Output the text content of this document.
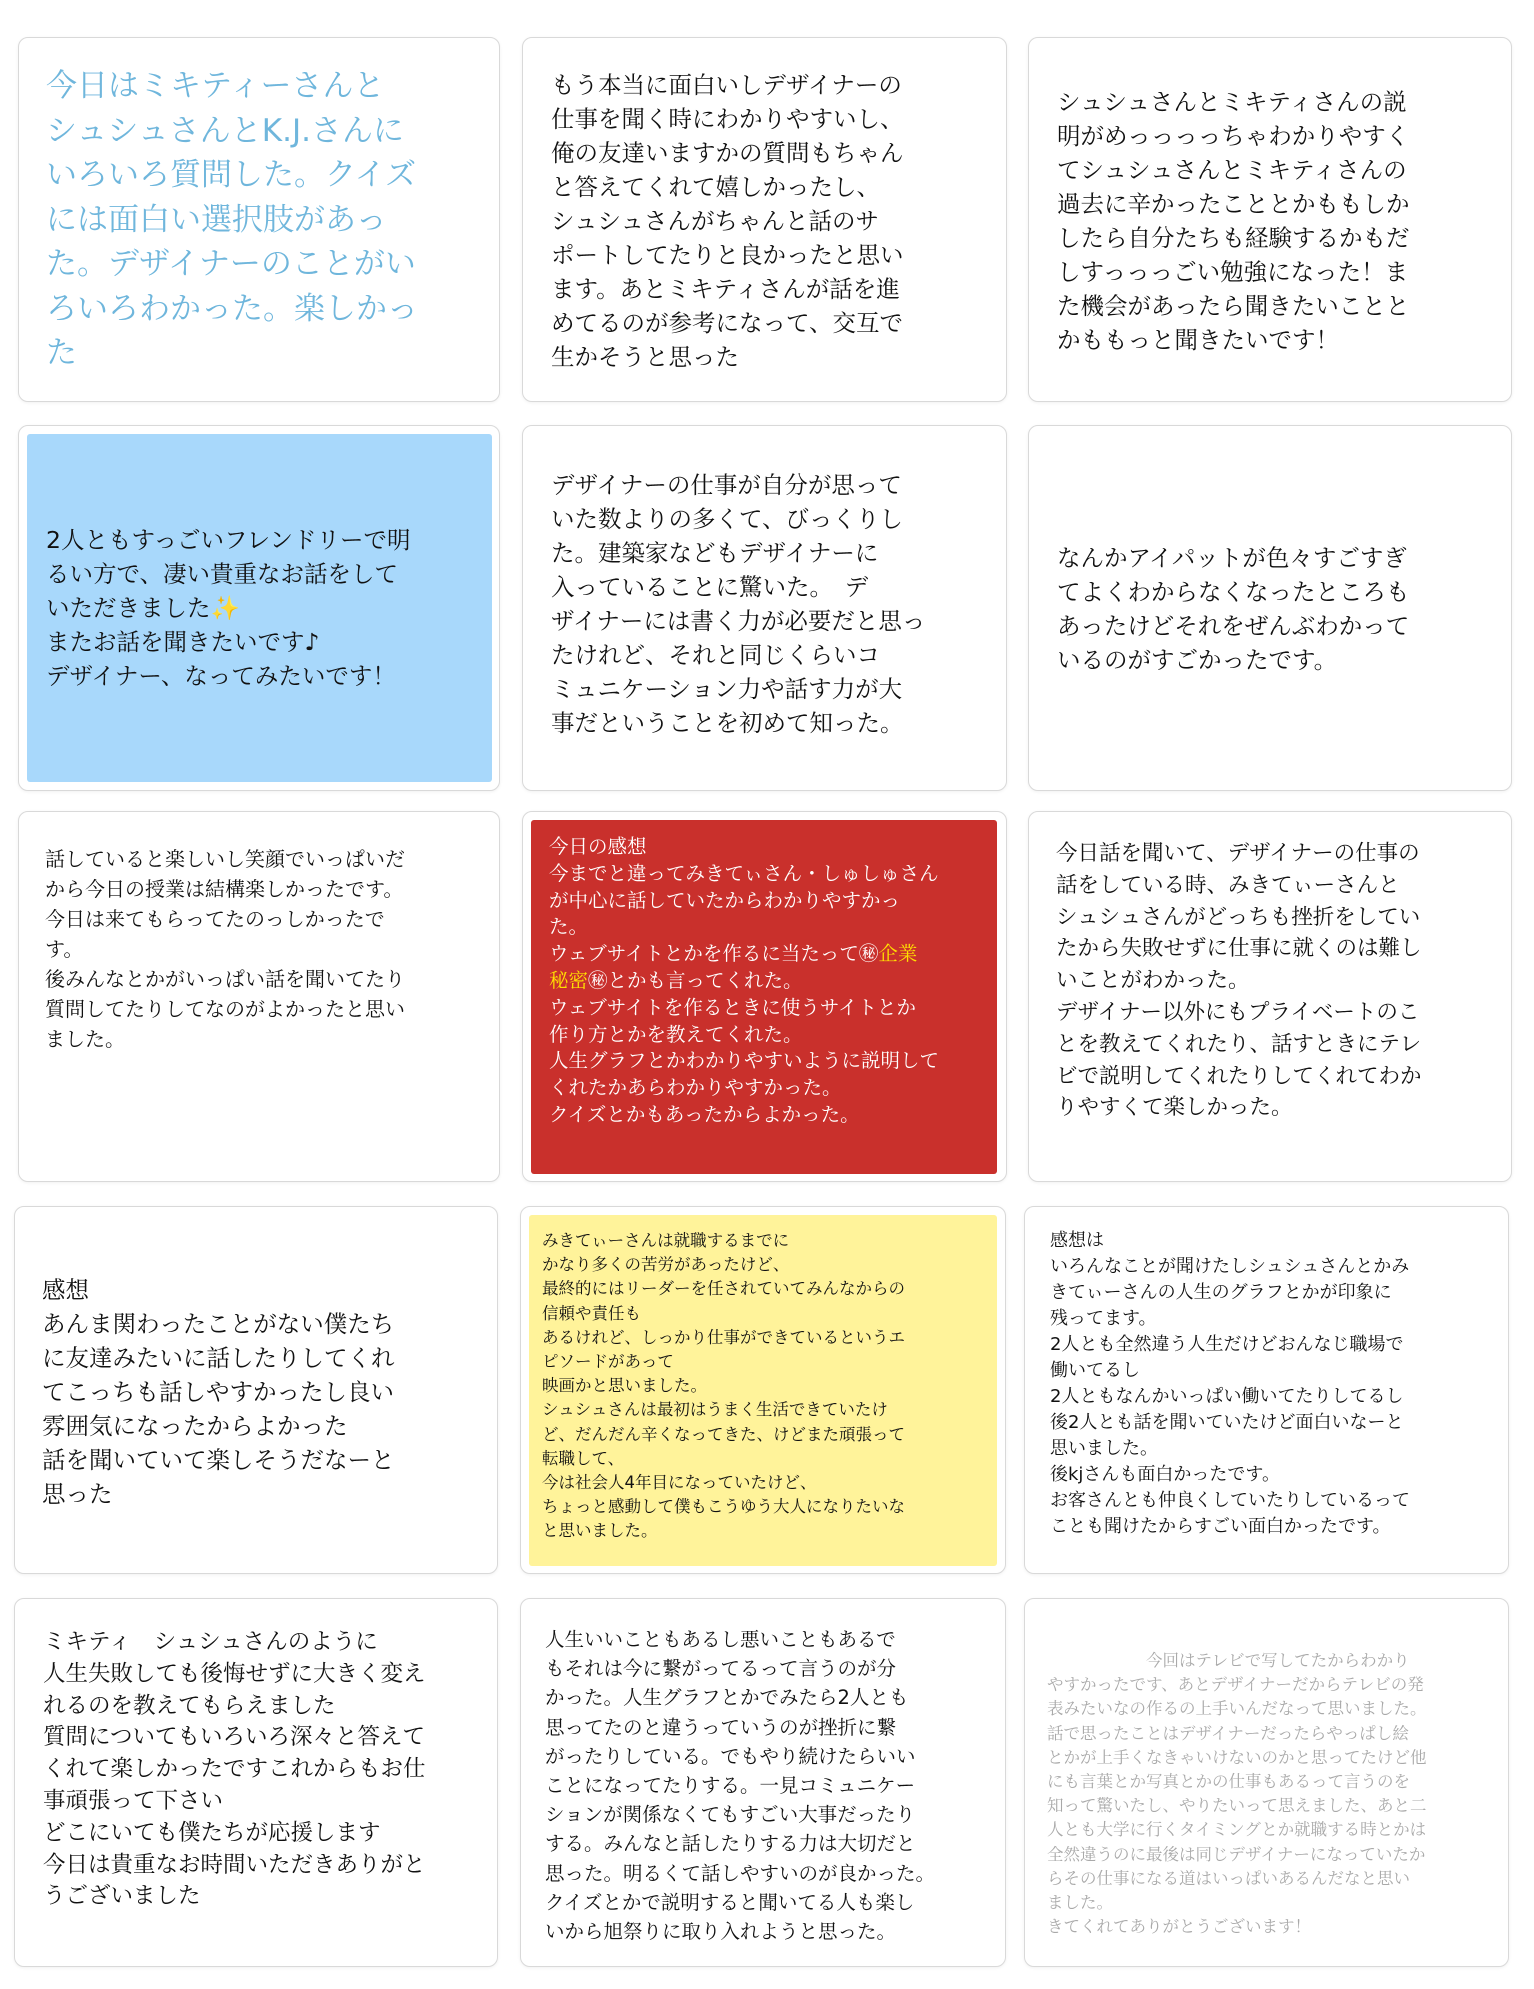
今日はミキティーさんと
シュシュさんとK.J.さんに
いろいろ質問した。クイズ
には面白い選択肢があっ
た。デザイナーのことがい
ろいろわかった。楽しかっ
た

もう本当に面白いしデザイナーの
仕事を聞く時にわかりやすいし、
俺の友達いますかの質問もちゃん
と答えてくれて嬉しかったし、
シュシュさんがちゃんと話のサ
ポートしてたりと良かったと思い
ます。あとミキティさんが話を進
めてるのが参考になって、交互で
生かそうと思った

シュシュさんとミキティさんの説
明がめっっっっちゃわかりやすく
てシュシュさんとミキティさんの
過去に辛かったこととかももしか
したら自分たちも経験するかもだ
しすっっっごい勉強になった！ま
た機会があったら聞きたいことと
かももっと聞きたいです！

2人ともすっごいフレンドリーで明
るい方で、凄い貴重なお話をして
いただきました✨
またお話を聞きたいです♪
デザイナー、なってみたいです！

デザイナーの仕事が自分が思って
いた数よりの多くて、びっくりし
た。建築家などもデザイナーに
入っていることに驚いた。　デ
ザイナーには書く力が必要だと思っ
たけれど、それと同じくらいコ
ミュニケーション力や話す力が大
事だということを初めて知った。

なんかアイパットが色々すごすぎ
てよくわからなくなったところも
あったけどそれをぜんぶわかって
いるのがすごかったです。

話していると楽しいし笑顔でいっぱいだ
から今日の授業は結構楽しかったです。
今日は来てもらってたのっしかったで
す。
後みんなとかがいっぱい話を聞いてたり
質問してたりしてなのがよかったと思い
ました。

今日の感想
今までと違ってみきてぃさん・しゅしゅさん
が中心に話していたからわかりやすかっ
た。
ウェブサイトとかを作るに当たって㊙企業
秘密㊙とかも言ってくれた。
ウェブサイトを作るときに使うサイトとか
作り方とかを教えてくれた。
人生グラフとかわかりやすいように説明して
くれたかあらわかりやすかった。
クイズとかもあったからよかった。

今日話を聞いて、デザイナーの仕事の
話をしている時、みきてぃーさんと
シュシュさんがどっちも挫折をしてい
たから失敗せずに仕事に就くのは難し
いことがわかった。
デザイナー以外にもプライベートのこ
とを教えてくれたり、話すときにテレ
ビで説明してくれたりしてくれてわか
りやすくて楽しかった。

感想
あんま関わったことがない僕たち
に友達みたいに話したりしてくれ
てこっちも話しやすかったし良い
雰囲気になったからよかった
話を聞いていて楽しそうだなーと
思った

みきてぃーさんは就職するまでに
かなり多くの苦労があったけど、
最終的にはリーダーを任されていてみんなからの
信頼や責任も
あるけれど、しっかり仕事ができているというエ
ピソードがあって
映画かと思いました。
シュシュさんは最初はうまく生活できていたけ
ど、だんだん辛くなってきた、けどまた頑張って
転職して、
今は社会人4年目になっていたけど、
ちょっと感動して僕もこうゆう大人になりたいな
と思いました。

感想は
いろんなことが聞けたしシュシュさんとかみ
きてぃーさんの人生のグラフとかが印象に
残ってます。
2人とも全然違う人生だけどおんなじ職場で
働いてるし
2人ともなんかいっぱい働いてたりしてるし
後2人とも話を聞いていたけど面白いなーと
思いました。
後kjさんも面白かったです。
お客さんとも仲良くしていたりしているって
ことも聞けたからすごい面白かったです。

ミキティ　シュシュさんのように
人生失敗しても後悔せずに大きく変え
れるのを教えてもらえました
質問についてもいろいろ深々と答えて
くれて楽しかったですこれからもお仕
事頑張って下さい
どこにいても僕たちが応援します
今日は貴重なお時間いただきありがと
うございました

人生いいこともあるし悪いこともあるで
もそれは今に繋がってるって言うのが分
かった。人生グラフとかでみたら2人とも
思ってたのと違うっていうのが挫折に繋
がったりしている。でもやり続けたらいい
ことになってたりする。一見コミュニケー
ションが関係なくてもすごい大事だったり
する。みんなと話したりする力は大切だと
思った。明るくて話しやすいのが良かった。
クイズとかで説明すると聞いてる人も楽し
いから旭祭りに取り入れようと思った。

　　　　　　今回はテレビで写してたからわかり
やすかったです、あとデザイナーだからテレビの発
表みたいなの作るの上手いんだなって思いました。
話で思ったことはデザイナーだったらやっぱし絵
とかが上手くなきゃいけないのかと思ってたけど他
にも言葉とか写真とかの仕事もあるって言うのを
知って驚いたし、やりたいって思えました、あと二
人とも大学に行くタイミングとか就職する時とかは
全然違うのに最後は同じデザイナーになっていたか
らその仕事になる道はいっぱいあるんだなと思い
ました。
きてくれてありがとうございます！
